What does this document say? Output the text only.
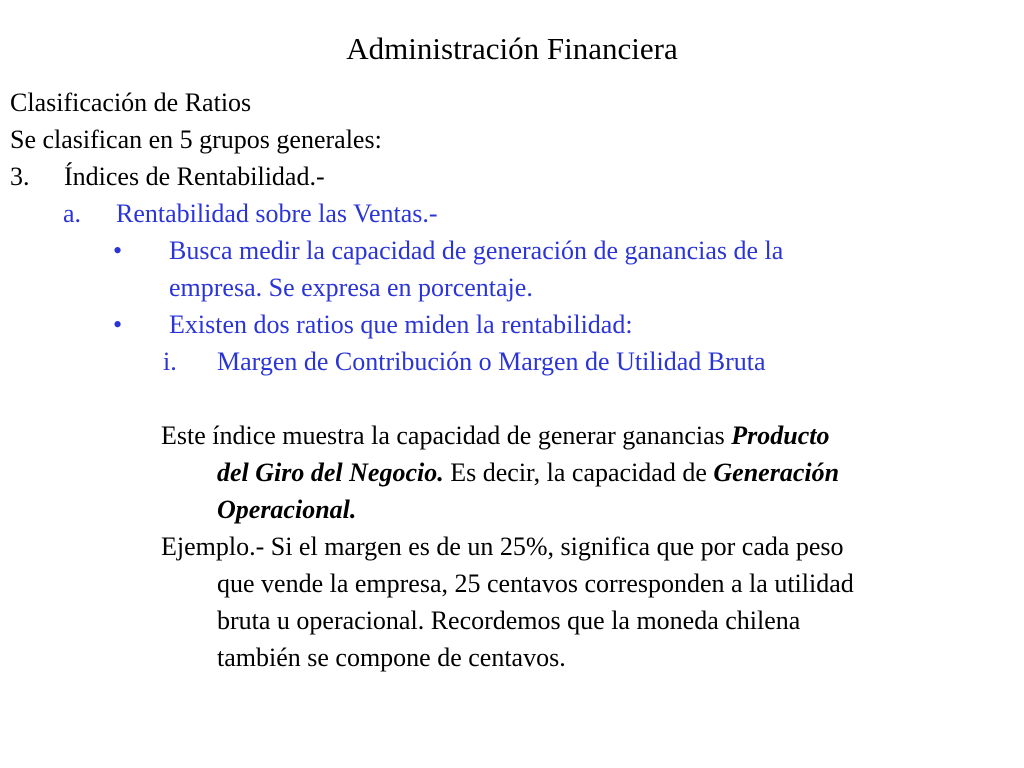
Administración Financiera
Clasificación de Ratios
Se clasifican en 5 grupos generales:
3. Índices de Rentabilidad.-
a. Rentabilidad sobre las Ventas.-
• Busca medir la capacidad de generación de ganancias de la
empresa. Se expresa en porcentaje.
• Existen dos ratios que miden la rentabilidad:
i. Margen de Contribución o Margen de Utilidad Bruta
Este índice muestra la capacidad de generar ganancias Producto
del Giro del Negocio. Es decir, la capacidad de Generación
Operacional.
Ejemplo.- Si el margen es de un 25%, significa que por cada peso
que vende la empresa, 25 centavos corresponden a la utilidad
bruta u operacional. Recordemos que la moneda chilena
también se compone de centavos.
